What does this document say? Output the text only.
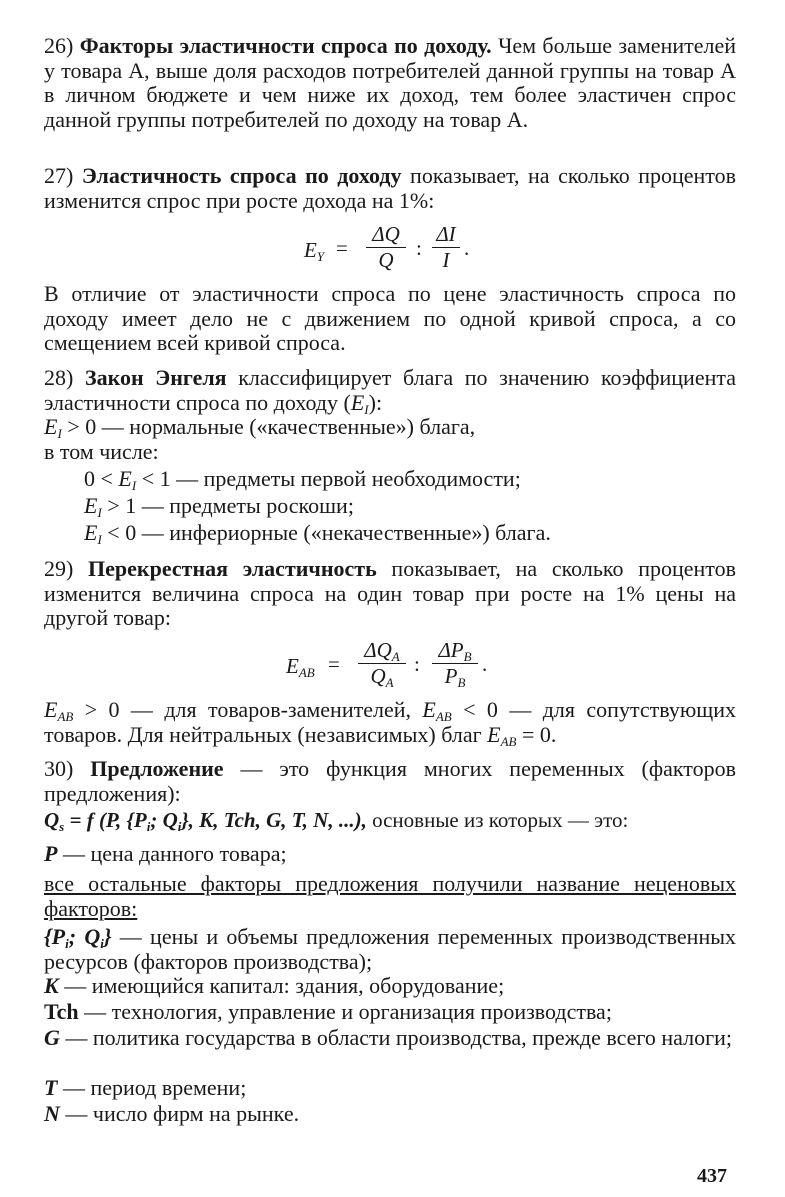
26) Факторы эластичности спроса по доходу. Чем больше заменителей у товара А, выше доля расходов потребителей данной группы на товар А в личном бюджете и чем ниже их доход, тем более эластичен спрос данной группы потребителей по доходу на товар А.
27) Эластичность спроса по доходу показывает, на сколько процентов изменится спрос при росте дохода на 1%:
$E_Y$ =
ΔQ
Q	:
ΔI
I .
В отличие от эластичности спроса по цене эластичность спроса по доходу имеет дело не с движением по одной кривой спроса, а со смещением всей кривой спроса.
28) Закон Энгеля классифицирует блага по значению коэффициента эластичности спроса по доходу $(E_I)$:
$E_I > 0$ — нормальные («качественные») блага,
в том числе:
$0 < E_I < 1$ — предметы первой необходимости;
$E_I > 1$ — предметы роскоши;
$E_I < 0$ — инфериорные («некачественные») блага.
29) Перекрестная эластичность показывает, на сколько процентов изменится величина спроса на один товар при росте на 1% цены на другой товар:
$E_{AB}$ =
$\Delta Q_A$
$Q_A$
:
$\Delta P_B$
$P_B$
.
$E_{AB} > 0$ — для товаров-заменителей, $E_{AB} < 0$ — для сопутствующих товаров. Для нейтральных (независимых) благ $E_{AB} = 0$.
30) Предложение — это функция многих переменных (факторов предложения):
$Q_s = f$ (P, {$P_i$; $Q_i$}, K, Tch, G, T, N, ...), основные из которых — это:
P — цена данного товара;
все остальные факторы предложения получили название неценовых факторов:
{$P_i$; $Q_i$} — цены и объемы предложения переменных производственных ресурсов (факторов производства);
K — имеющийся капитал: здания, оборудование;
Tch — технология, управление и организация производства;
G — политика государства в области производства, прежде всего налоги;
T — период времени;
N — число фирм на рынке.
437
